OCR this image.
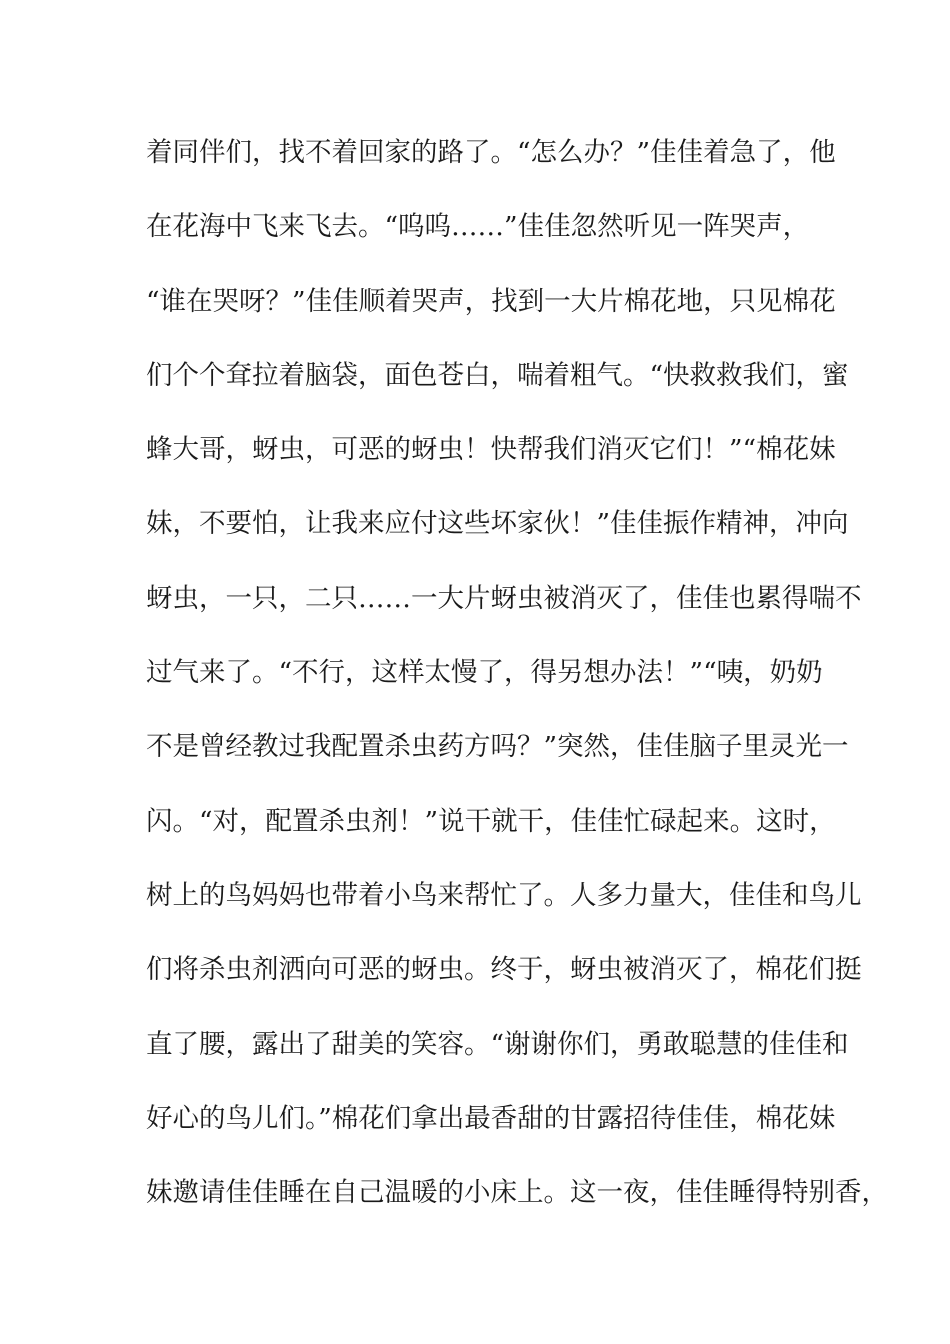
着同伴们，找不着回家的路了。“怎么办？”佳佳着急了，他
在花海中飞来飞去。“呜呜……”佳佳忽然听见一阵哭声，
“谁在哭呀？”佳佳顺着哭声，找到一大片棉花地，只见棉花
们个个耷拉着脑袋，面色苍白，喘着粗气。“快救救我们，蜜
蜂大哥，蚜虫，可恶的蚜虫！快帮我们消灭它们！”“棉花妹
妹，不要怕，让我来应付这些坏家伙！”佳佳振作精神，冲向
蚜虫，一只，二只……一大片蚜虫被消灭了，佳佳也累得喘不
过气来了。“不行，这样太慢了，得另想办法！”“咦，奶奶
不是曾经教过我配置杀虫药方吗？”突然，佳佳脑子里灵光一
闪。“对，配置杀虫剂！”说干就干，佳佳忙碌起来。这时，
树上的鸟妈妈也带着小鸟来帮忙了。人多力量大，佳佳和鸟儿
们将杀虫剂洒向可恶的蚜虫。终于，蚜虫被消灭了，棉花们挺
直了腰，露出了甜美的笑容。“谢谢你们，勇敢聪慧的佳佳和
好心的鸟儿们。”棉花们拿出最香甜的甘露招待佳佳，棉花妹
妹邀请佳佳睡在自己温暖的小床上。这一夜，佳佳睡得特别香，
